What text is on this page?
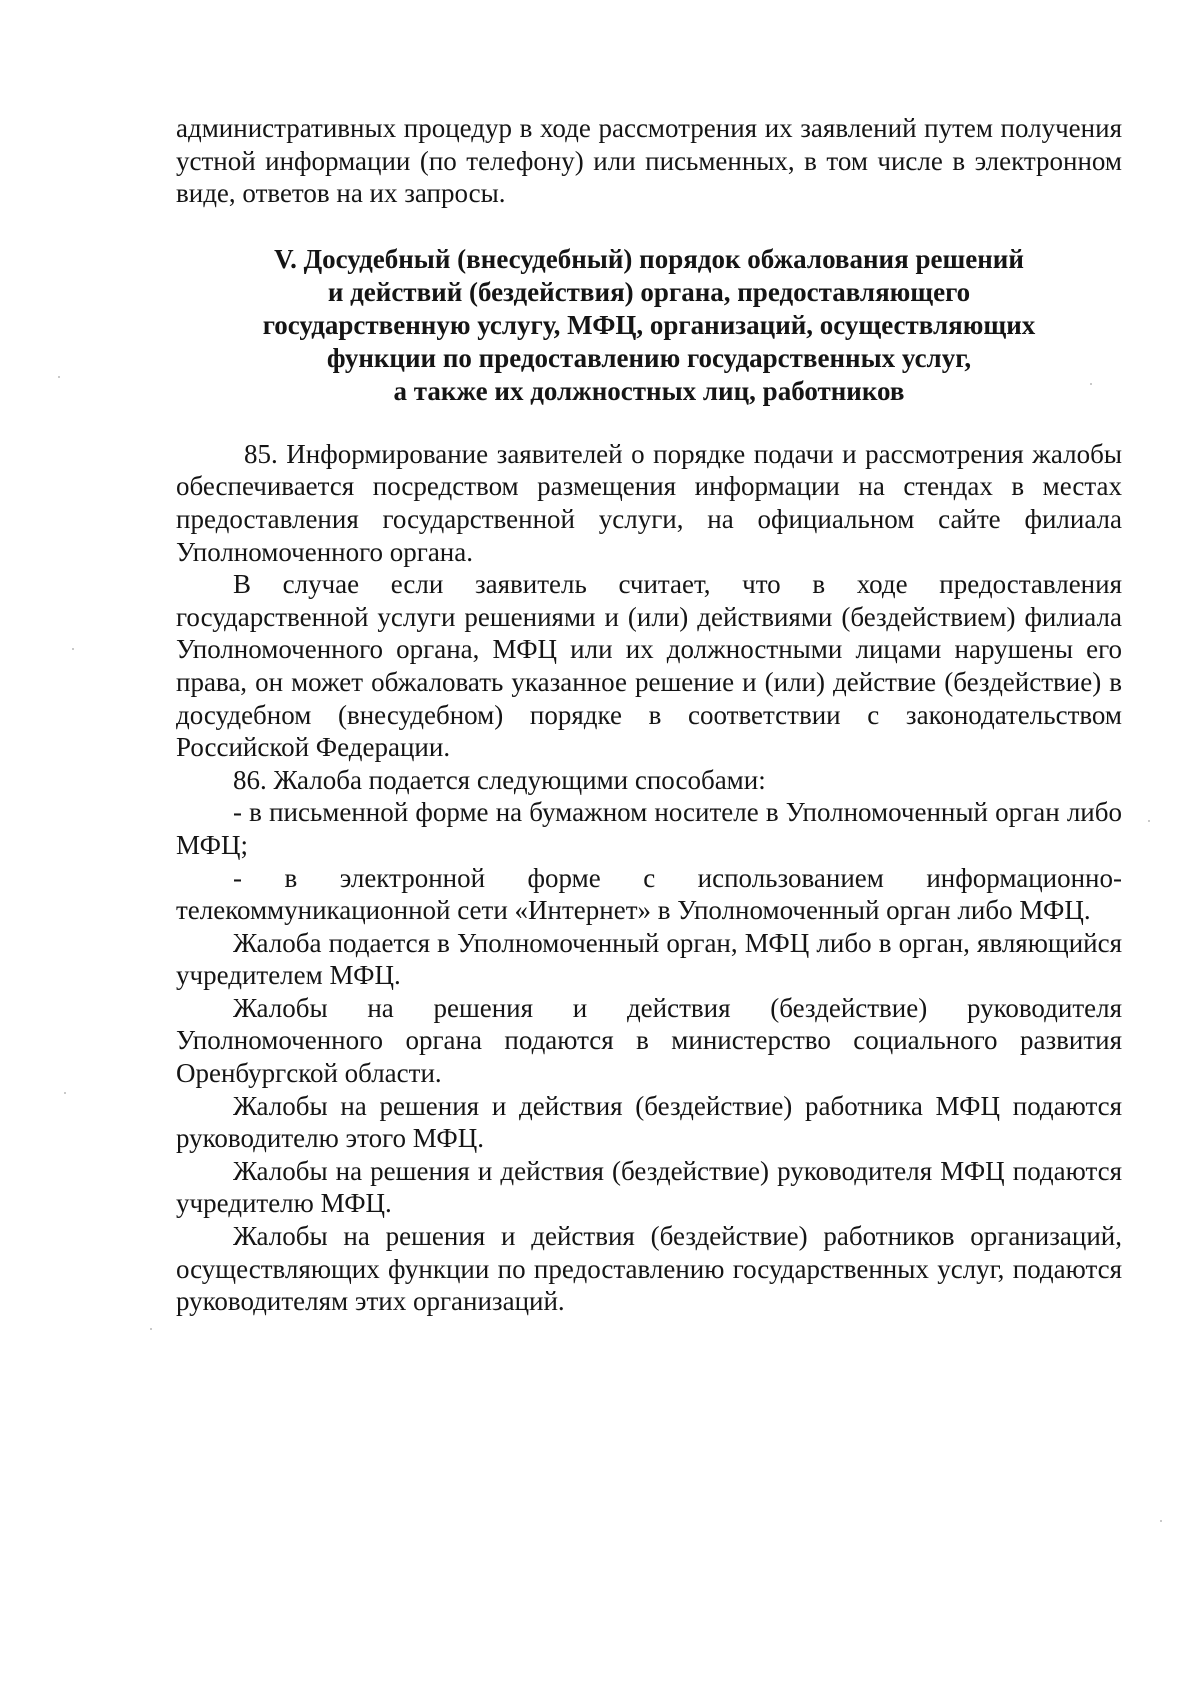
административных процедур в ходе рассмотрения их заявлений путем получения устной информации (по телефону) или письменных, в том числе в электронном виде, ответов на их запросы.

V. Досудебный (внесудебный) порядок обжалования решений
и действий (бездействия) органа, предоставляющего
государственную услугу, МФЦ, организаций, осуществляющих
функции по предоставлению государственных услуг,
а также их должностных лиц, работников

85. Информирование заявителей о порядке подачи и рассмотрения жалобы обеспечивается посредством размещения информации на стендах в местах предоставления государственной услуги, на официальном сайте филиала Уполномоченного органа.

В случае если заявитель считает, что в ходе предоставления государственной услуги решениями и (или) действиями (бездействием) филиала Уполномоченного органа, МФЦ или их должностными лицами нарушены его права, он может обжаловать указанное решение и (или) действие (бездействие) в досудебном (внесудебном) порядке в соответствии с законодательством Российской Федерации.

86. Жалоба подается следующими способами:

- в письменной форме на бумажном носителе в Уполномоченный орган либо МФЦ;

- в электронной форме с использованием информационно-телекоммуникационной сети «Интернет» в Уполномоченный орган либо МФЦ.

Жалоба подается в Уполномоченный орган, МФЦ либо в орган, являющийся учредителем МФЦ.

Жалобы на решения и действия (бездействие) руководителя Уполномоченного органа подаются в министерство социального развития Оренбургской области.

Жалобы на решения и действия (бездействие) работника МФЦ подаются руководителю этого МФЦ.

Жалобы на решения и действия (бездействие) руководителя МФЦ подаются учредителю МФЦ.

Жалобы на решения и действия (бездействие) работников организаций, осуществляющих функции по предоставлению государственных услуг, подаются руководителям этих организаций.
